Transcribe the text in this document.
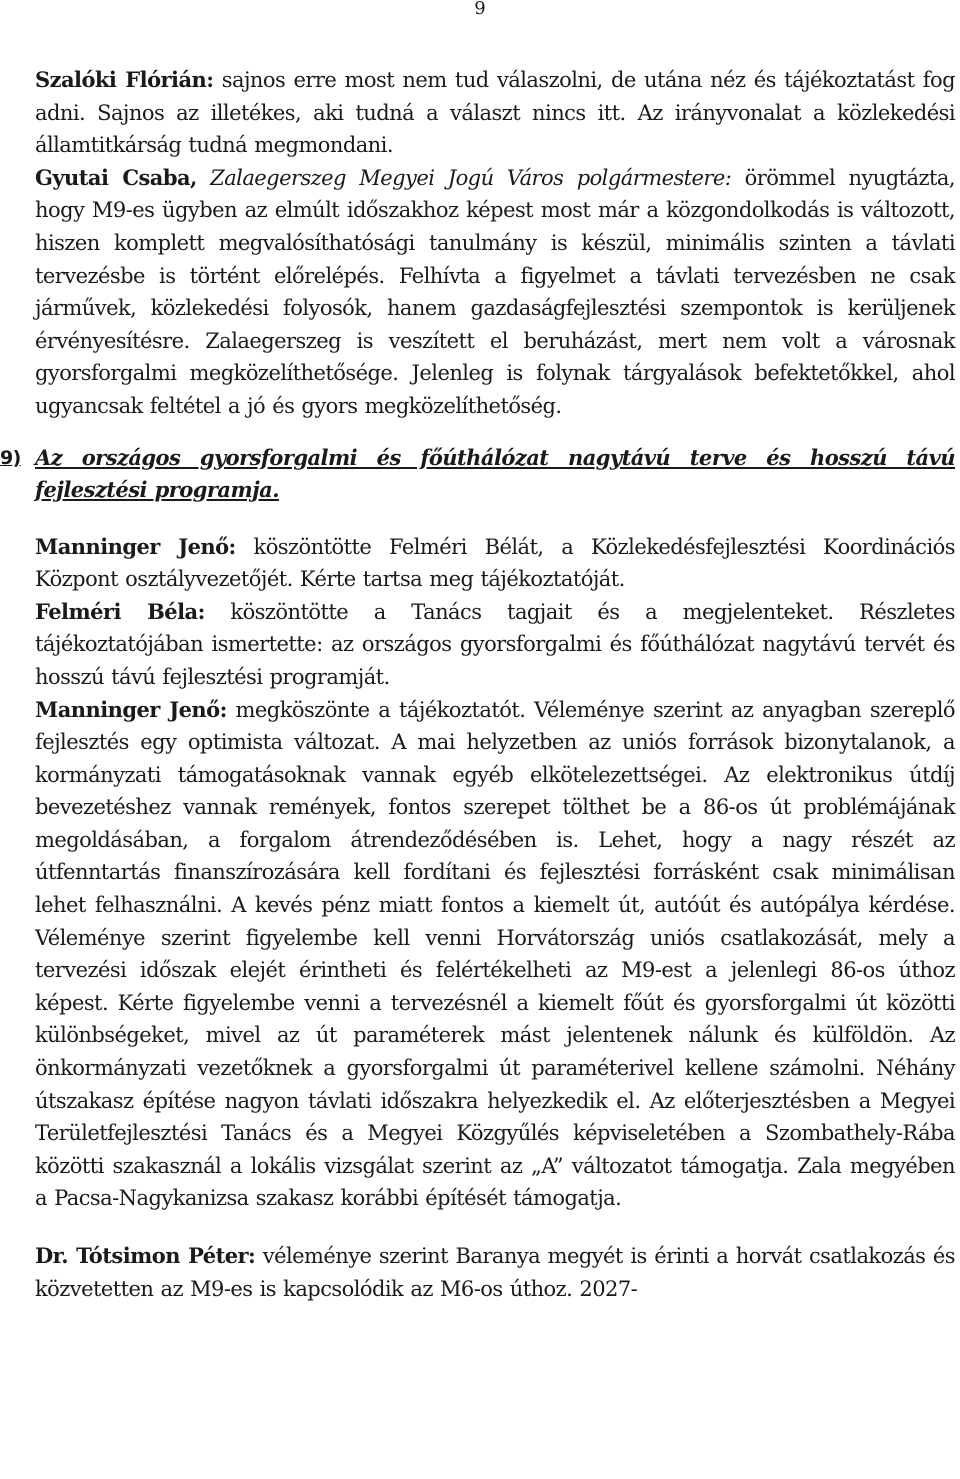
9

Szalóki Flórián: sajnos erre most nem tud válaszolni, de utána néz és tájékoztatást fog adni. Sajnos az illetékes, aki tudná a választ nincs itt. Az irányvonalat a közlekedési államtitkárság tudná megmondani.

Gyutai Csaba, Zalaegerszeg Megyei Jogú Város polgármestere: örömmel nyugtázta, hogy M9-es ügyben az elmúlt időszakhoz képest most már a közgondolkodás is változott, hiszen komplett megvalósíthatósági tanulmány is készül, minimális szinten a távlati tervezésbe is történt előrelépés. Felhívta a figyelmet a távlati tervezésben ne csak járművek, közlekedési folyosók, hanem gazdaságfejlesztési szempontok is kerüljenek érvényesítésre. Zalaegerszeg is veszített el beruházást, mert nem volt a városnak gyorsforgalmi megközelíthetősége. Jelenleg is folynak tárgyalások befektetőkkel, ahol ugyancsak feltétel a jó és gyors megközelíthetőség.

9) Az országos gyorsforgalmi és főúthálózat nagytávú terve és hosszú távú fejlesztési programja.

Manninger Jenő: köszöntötte Felméri Bélát, a Közlekedésfejlesztési Koordinációs Központ osztályvezetőjét. Kérte tartsa meg tájékoztatóját.

Felméri Béla: köszöntötte a Tanács tagjait és a megjelenteket. Részletes tájékoztatójában ismertette: az országos gyorsforgalmi és főúthálózat nagytávú tervét és hosszú távú fejlesztési programját.

Manninger Jenő: megköszönte a tájékoztatót. Véleménye szerint az anyagban szereplő fejlesztés egy optimista változat. A mai helyzetben az uniós források bizonytalanok, a kormányzati támogatásoknak vannak egyéb elkötelezettségei. Az elektronikus útdíj bevezetéshez vannak remények, fontos szerepet tölthet be a 86-os út problémájának megoldásában, a forgalom átrendeződésében is. Lehet, hogy a nagy részét az útfenntartás finanszírozására kell fordítani és fejlesztési forrásként csak minimálisan lehet felhasználni. A kevés pénz miatt fontos a kiemelt út, autóút és autópálya kérdése. Véleménye szerint figyelembe kell venni Horvátország uniós csatlakozását, mely a tervezési időszak elejét érintheti és felértékelheti az M9-est a jelenlegi 86-os úthoz képest. Kérte figyelembe venni a tervezésnél a kiemelt főút és gyorsforgalmi út közötti különbségeket, mivel az út paraméterek mást jelentenek nálunk és külföldön. Az önkormányzati vezetőknek a gyorsforgalmi út paraméterivel kellene számolni. Néhány útszakasz építése nagyon távlati időszakra helyezkedik el. Az előterjesztésben a Megyei Területfejlesztési Tanács és a Megyei Közgyűlés képviseletében a Szombathely-Rába közötti szakasznál a lokális vizsgálat szerint az „A” változatot támogatja. Zala megyében a Pacsa-Nagykanizsa szakasz korábbi építését támogatja.

Dr. Tótsimon Péter: véleménye szerint Baranya megyét is érinti a horvát csatlakozás és közvetetten az M9-es is kapcsolódik az M6-os úthoz. 2027-
